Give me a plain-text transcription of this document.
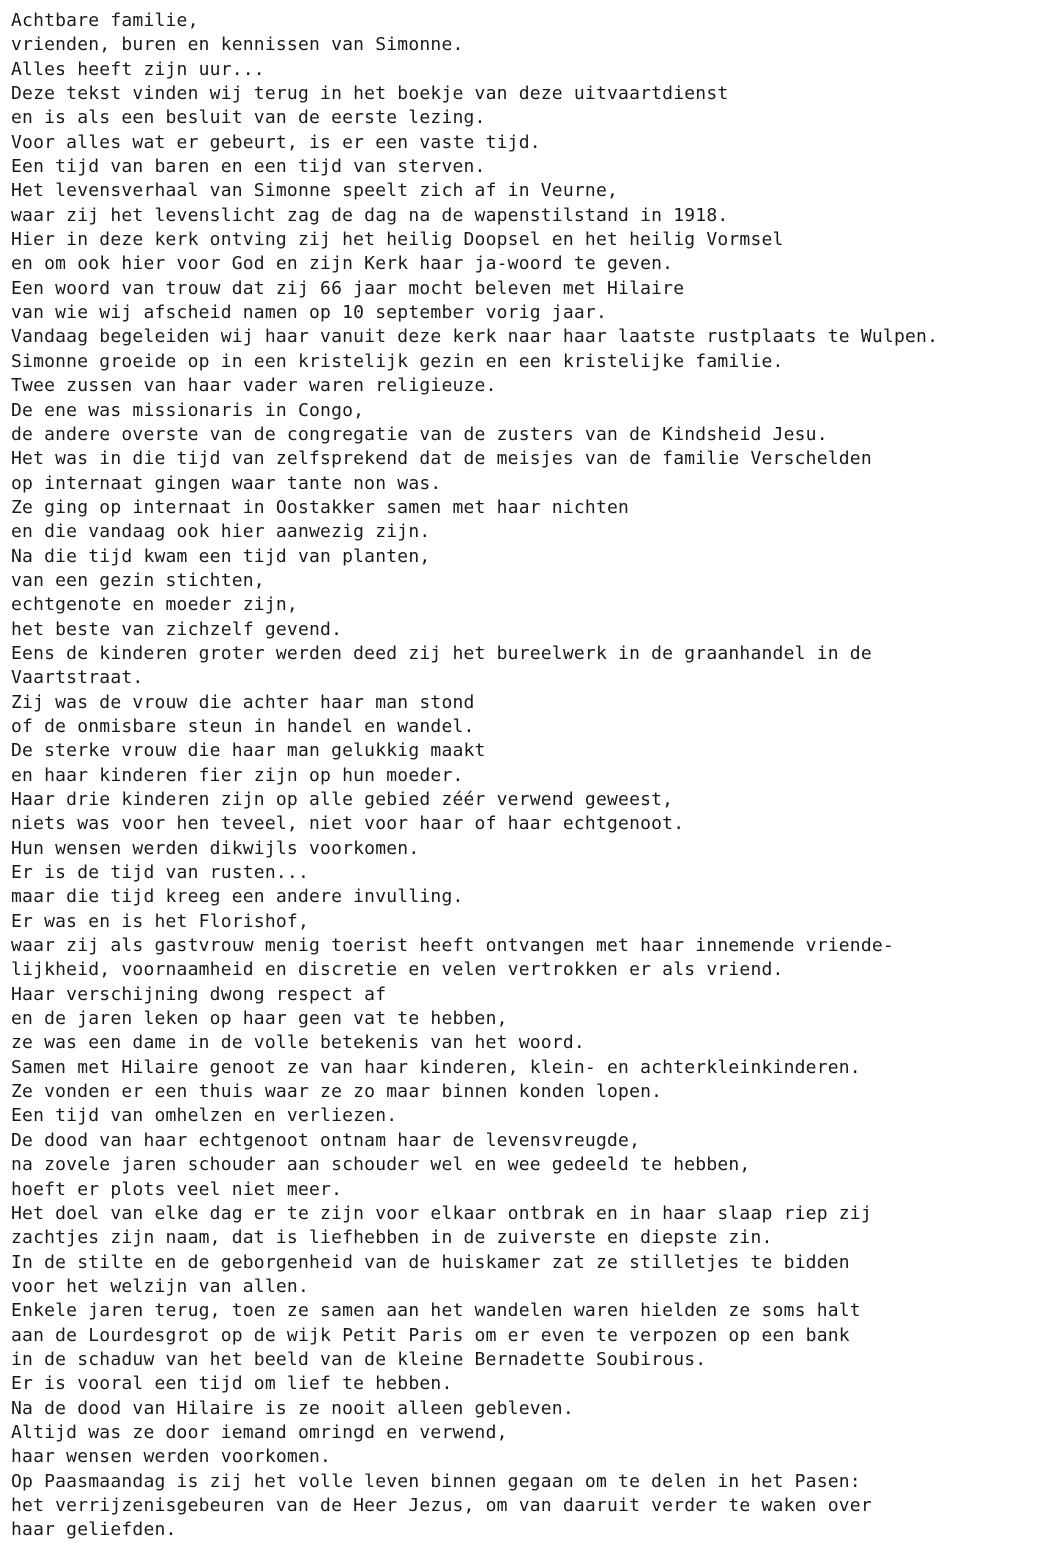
Achtbare familie,
vrienden, buren en kennissen van Simonne.
Alles heeft zijn uur...
Deze tekst vinden wij terug in het boekje van deze uitvaartdienst
en is als een besluit van de eerste lezing.
Voor alles wat er gebeurt, is er een vaste tijd.
Een tijd van baren en een tijd van sterven.
Het levensverhaal van Simonne speelt zich af in Veurne,
waar zij het levenslicht zag de dag na de wapenstilstand in 1918.
Hier in deze kerk ontving zij het heilig Doopsel en het heilig Vormsel
en om ook hier voor God en zijn Kerk haar ja-woord te geven.
Een woord van trouw dat zij 66 jaar mocht beleven met Hilaire
van wie wij afscheid namen op 10 september vorig jaar.
Vandaag begeleiden wij haar vanuit deze kerk naar haar laatste rustplaats te Wulpen.
Simonne groeide op in een kristelijk gezin en een kristelijke familie.
Twee zussen van haar vader waren religieuze.
De ene was missionaris in Congo,
de andere overste van de congregatie van de zusters van de Kindsheid Jesu.
Het was in die tijd van zelfsprekend dat de meisjes van de familie Verschelden
op internaat gingen waar tante non was.
Ze ging op internaat in Oostakker samen met haar nichten
en die vandaag ook hier aanwezig zijn.
Na die tijd kwam een tijd van planten,
van een gezin stichten,
echtgenote en moeder zijn,
het beste van zichzelf gevend.
Eens de kinderen groter werden deed zij het bureelwerk in de graanhandel in de
Vaartstraat.
Zij was de vrouw die achter haar man stond
of de onmisbare steun in handel en wandel.
De sterke vrouw die haar man gelukkig maakt
en haar kinderen fier zijn op hun moeder.
Haar drie kinderen zijn op alle gebied zéér verwend geweest,
niets was voor hen teveel, niet voor haar of haar echtgenoot.
Hun wensen werden dikwijls voorkomen.
Er is de tijd van rusten...
maar die tijd kreeg een andere invulling.
Er was en is het Florishof,
waar zij als gastvrouw menig toerist heeft ontvangen met haar innemende vriende-
lijkheid, voornaamheid en discretie en velen vertrokken er als vriend.
Haar verschijning dwong respect af
en de jaren leken op haar geen vat te hebben,
ze was een dame in de volle betekenis van het woord.
Samen met Hilaire genoot ze van haar kinderen, klein- en achterkleinkinderen.
Ze vonden er een thuis waar ze zo maar binnen konden lopen.
Een tijd van omhelzen en verliezen.
De dood van haar echtgenoot ontnam haar de levensvreugde,
na zovele jaren schouder aan schouder wel en wee gedeeld te hebben,
hoeft er plots veel niet meer.
Het doel van elke dag er te zijn voor elkaar ontbrak en in haar slaap riep zij
zachtjes zijn naam, dat is liefhebben in de zuiverste en diepste zin.
In de stilte en de geborgenheid van de huiskamer zat ze stilletjes te bidden
voor het welzijn van allen.
Enkele jaren terug, toen ze samen aan het wandelen waren hielden ze soms halt
aan de Lourdesgrot op de wijk Petit Paris om er even te verpozen op een bank
in de schaduw van het beeld van de kleine Bernadette Soubirous.
Er is vooral een tijd om lief te hebben.
Na de dood van Hilaire is ze nooit alleen gebleven.
Altijd was ze door iemand omringd en verwend,
haar wensen werden voorkomen.
Op Paasmaandag is zij het volle leven binnen gegaan om te delen in het Pasen:
het verrijzenisgebeuren van de Heer Jezus, om van daaruit verder te waken over
haar geliefden.
